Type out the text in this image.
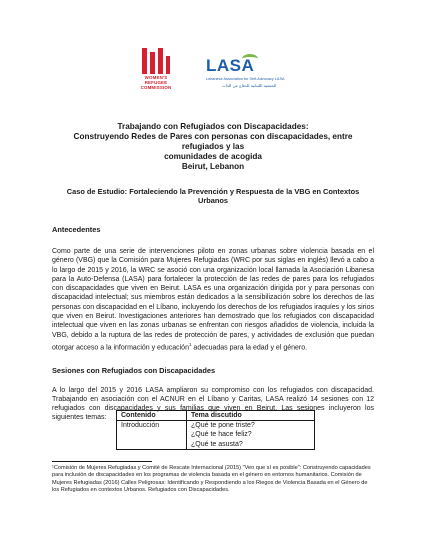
WOMEN'S
REFUGEE
COMMISSION
LASA
Lebanese Association for Self-Advocacy LASA
الجمعية اللبنانية للدفاع عن الذات
Trabajando con Refugiados con Discapacidades:
Construyendo Redes de Pares con personas con discapacidades, entre refugiados y las
comunidades de acogida
Beirut, Lebanon
Caso de Estudio: Fortaleciendo la Prevención y Respuesta de la VBG en Contextos Urbanos
Antecedentes

Como parte de una serie de intervenciones piloto en zonas urbanas sobre violencia basada en el género (VBG) que la Comisión para Mujeres Refugiadas (WRC por sus siglas en inglés) llevó a cabo a lo largo de 2015 y 2016, la WRC se asoció con una organización local llamada la Asociación Libanesa para la Auto-Defensa (LASA) para fortalecer la protección de las redes de pares para los refugiados con discapacidades que viven en Beirut. LASA es una organización dirigida por y para personas con discapacidad intelectual; sus miembros están dedicados a la sensibilización sobre los derechos de las personas con discapacidad en el Líbano, incluyendo los derechos de los refugiados iraquíes y los sirios que viven en Beirut. Investigaciones anteriores han demostrado que los refugiados con discapacidad intelectual que viven en las zonas urbanas se enfrentan con riesgos añadidos de violencia, incluida la VBG, debido a la ruptura de las redes de protección de pares, y actividades de exclusión que puedan otorgar acceso a la información y educación$^1$ adecuadas para la edad y el género.

Sesiones con Refugiados con Discapacidades

A lo largo del 2015 y 2016 LASA ampliaron su compromiso con los refugiados con discapacidad. Trabajando en asociación con el ACNUR en el Líbano y Caritas, LASA realizó 14 sesiones con 12 refugiados con discapacidades y sus familias que viven en Beirut. Las sesiones incluyeron los siguientes temas:	Contenido	Tema discutido
Introducción	¿Qué te pone triste?
¿Qué te hace feliz?
¿Qué te asusta?
¹Comisión de Mujeres Refugiadas y Comité de Rescate Internacional (2015) "Veo que sí es posible": Construyendo capacidades para inclusión de discapacidades en los programas de violencia basada en el género en entornos humanitarios. Comisión de Mujeres Refugiadas (2016) Calles Peligrosas: Identificando y Respondiendo a los Riegos de Violencia Basada en el Género de los Refugiados en contextos Urbanos. Refugiados con Discapacidades.
